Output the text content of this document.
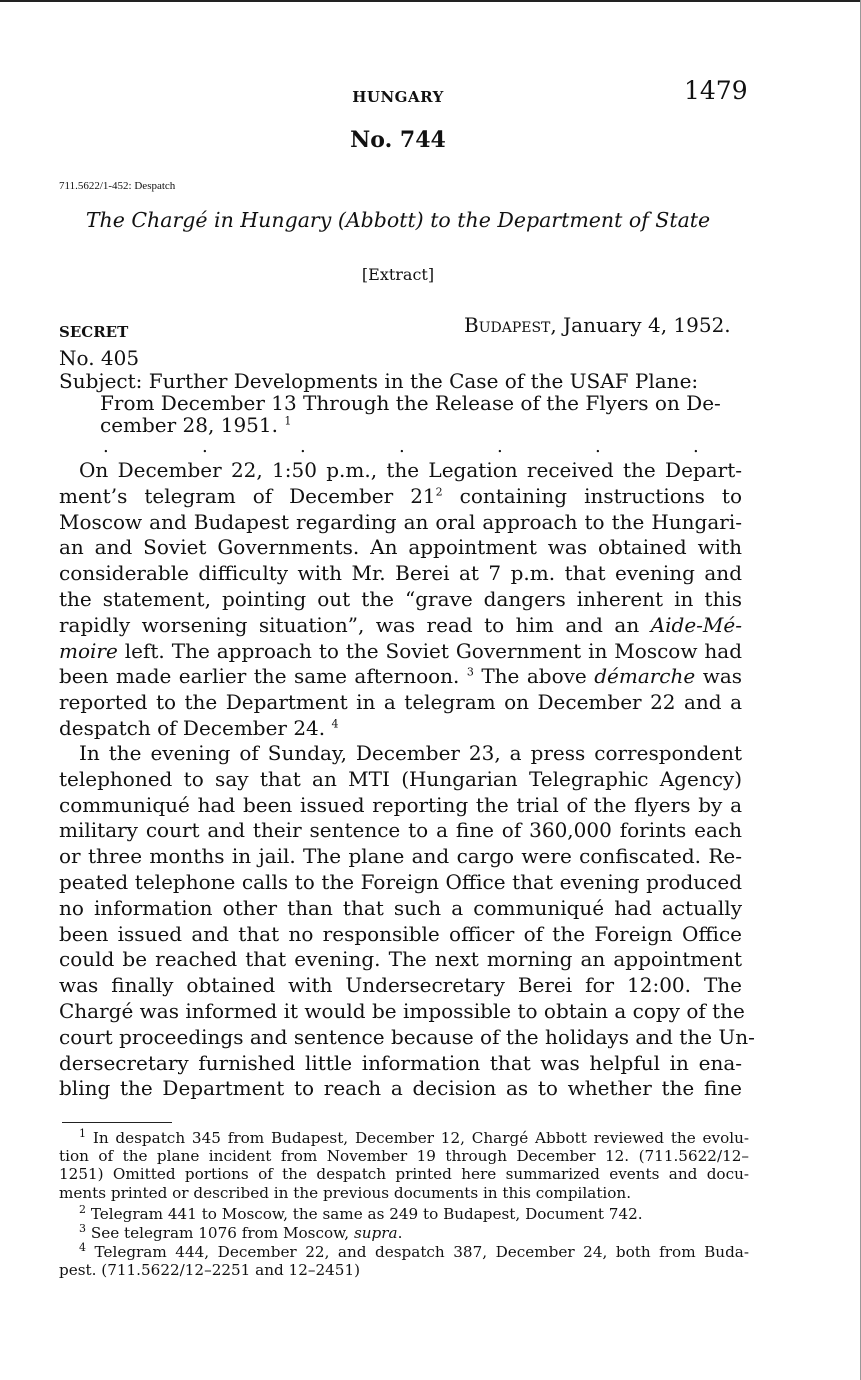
HUNGARY	1479
No. 744
711.5622/1-452: Despatch
The Chargé in Hungary (Abbott) to the Department of State
[Extract]
SECRET	Budapest, January 4, 1952.
No. 405
Subject: Further Developments in the Case of the USAF Plane:
From December 13 Through the Release of the Flyers on De-
cember 28, 1951. $^1$
.	.	.	.	.	.	.
On December 22, 1:50 p.m., the Legation received the Depart-
ment’s telegram of December $21^2$ containing instructions to
Moscow and Budapest regarding an oral approach to the Hungari-
an and Soviet Governments. An appointment was obtained with
considerable difficulty with Mr. Berei at 7 p.m. that evening and
the statement, pointing out the “grave dangers inherent in this
rapidly worsening situation”, was read to him and an Aide-Mé-
moire left. The approach to the Soviet Government in Moscow had
been made earlier the same afternoon. $^3$ The above démarche was
reported to the Department in a telegram on December 22 and a
despatch of December 24. $^4$
In the evening of Sunday, December 23, a press correspondent
telephoned to say that an MTI (Hungarian Telegraphic Agency)
communiqué had been issued reporting the trial of the flyers by a
military court and their sentence to a fine of 360,000 forints each
or three months in jail. The plane and cargo were confiscated. Re-
peated telephone calls to the Foreign Office that evening produced
no information other than that such a communiqué had actually
been issued and that no responsible officer of the Foreign Office
could be reached that evening. The next morning an appointment
was finally obtained with Undersecretary Berei for 12:00. The
Chargé was informed it would be impossible to obtain a copy of the
court proceedings and sentence because of the holidays and the Un-
dersecretary furnished little information that was helpful in ena-
bling the Department to reach a decision as to whether the fine
$^1$ In despatch 345 from Budapest, December 12, Chargé Abbott reviewed the evolu-
tion of the plane incident from November 19 through December 12. (711.5622/12–
1251) Omitted portions of the despatch printed here summarized events and docu-
ments printed or described in the previous documents in this compilation.
$^2$ Telegram 441 to Moscow, the same as 249 to Budapest, Document 742.
$^3$ See telegram 1076 from Moscow, supra.
$^4$ Telegram 444, December 22, and despatch 387, December 24, both from Buda-
pest. (711.5622/12–2251 and 12–2451)
